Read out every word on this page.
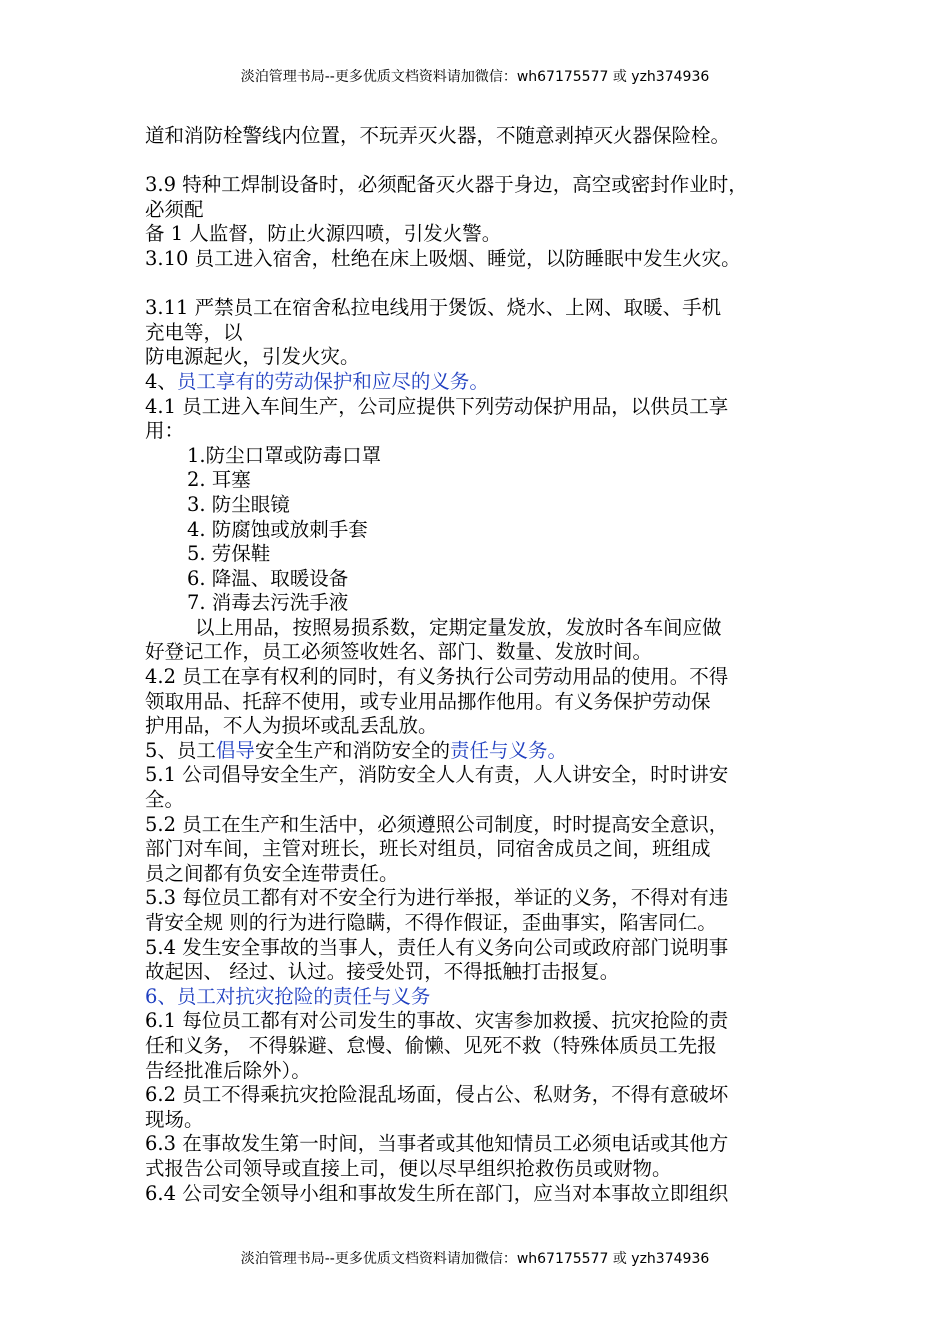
淡泊管理书局--更多优质文档资料请加微信：wh67175577 或 yzh374936
道和消防栓警线内位置，不玩弄灭火器，不随意剥掉灭火器保险栓。
3.9 特种工焊制设备时，必须配备灭火器于身边，高空或密封作业时，
必须配
备 1 人监督，防止火源四喷，引发火警。
3.10 员工进入宿舍，杜绝在床上吸烟、睡觉，以防睡眠中发生火灾。
3.11 严禁员工在宿舍私拉电线用于煲饭、烧水、上网、取暖、手机
充电等，以
防电源起火，引发火灾。
4、员工享有的劳动保护和应尽的义务。
4.1 员工进入车间生产，公司应提供下列劳动保护用品，以供员工享
用：
1.防尘口罩或防毒口罩
2. 耳塞
3. 防尘眼镜
4. 防腐蚀或放刺手套
5. 劳保鞋
6. 降温、取暖设备
7. 消毒去污洗手液
以上用品，按照易损系数，定期定量发放，发放时各车间应做
好登记工作，员工必须签收姓名、部门、数量、发放时间。
4.2 员工在享有权利的同时，有义务执行公司劳动用品的使用。不得
领取用品、托辞不使用，或专业用品挪作他用。有义务保护劳动保
护用品，不人为损坏或乱丢乱放。
5、员工倡导安全生产和消防安全的责任与义务。
5.1 公司倡导安全生产，消防安全人人有责，人人讲安全，时时讲安
全。
5.2 员工在生产和生活中，必须遵照公司制度，时时提高安全意识，
部门对车间，主管对班长，班长对组员，同宿舍成员之间，班组成
员之间都有负安全连带责任。
5.3 每位员工都有对不安全行为进行举报，举证的义务，不得对有违
背安全规 则的行为进行隐瞒，不得作假证，歪曲事实，陷害同仁。
5.4 发生安全事故的当事人，责任人有义务向公司或政府部门说明事
故起因、 经过、认过。接受处罚，不得抵触打击报复。
6、员工对抗灾抢险的责任与义务
6.1 每位员工都有对公司发生的事故、灾害参加救援、抗灾抢险的责
任和义务， 不得躲避、怠慢、偷懒、见死不救（特殊体质员工先报
告经批准后除外）。
6.2 员工不得乘抗灾抢险混乱场面，侵占公、私财务，不得有意破坏
现场。
6.3 在事故发生第一时间，当事者或其他知情员工必须电话或其他方
式报告公司领导或直接上司，便以尽早组织抢救伤员或财物。
6.4 公司安全领导小组和事故发生所在部门，应当对本事故立即组织
淡泊管理书局--更多优质文档资料请加微信：wh67175577 或 yzh374936
